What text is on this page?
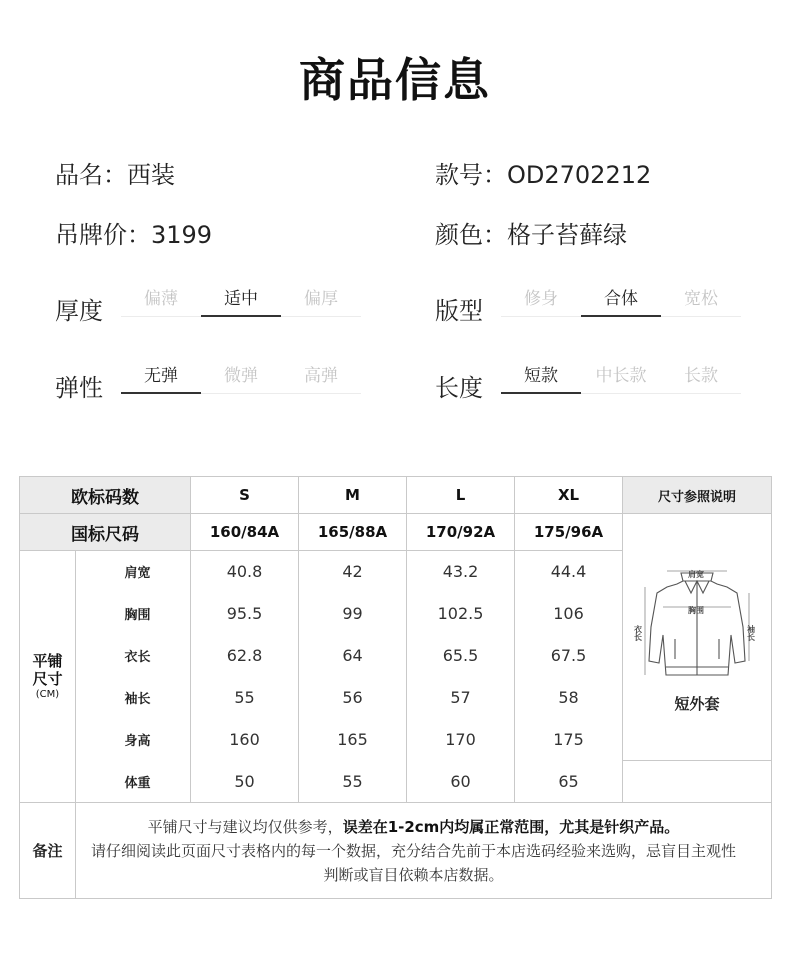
商品信息
品名：西装	款号：OD2702212
吊牌价：3199	颜色：格子苔藓绿
厚度	偏薄	适中	偏厚	版型	修身	合体	宽松
弹性	无弹	微弹	高弹	长度	短款	中长款	长款
欧标码数		S	M	L	XL	尺寸参照说明
国标尺码		160/84A	165/88A	170/92A	175/96A	肩宽
胸围
衣长 袖长
短外套

平铺尺寸
(CM)	肩宽	40.8	42	43.2	44.4	
	胸围	95.5	99	102.5	106	
	衣长	62.8	64	65.5	67.5	
	袖长	55	56	57	58	
	身高	160	165	170	175	
	体重	50	55	60	65	
备注	平铺尺寸与建议均仅供参考，误差在1-2cm内均属正常范围，尤其是针织产品。
请仔细阅读此页面尺寸表格内的每一个数据，充分结合先前于本店选码经验来选购，忌盲目主观性判断或盲目依赖本店数据。					
